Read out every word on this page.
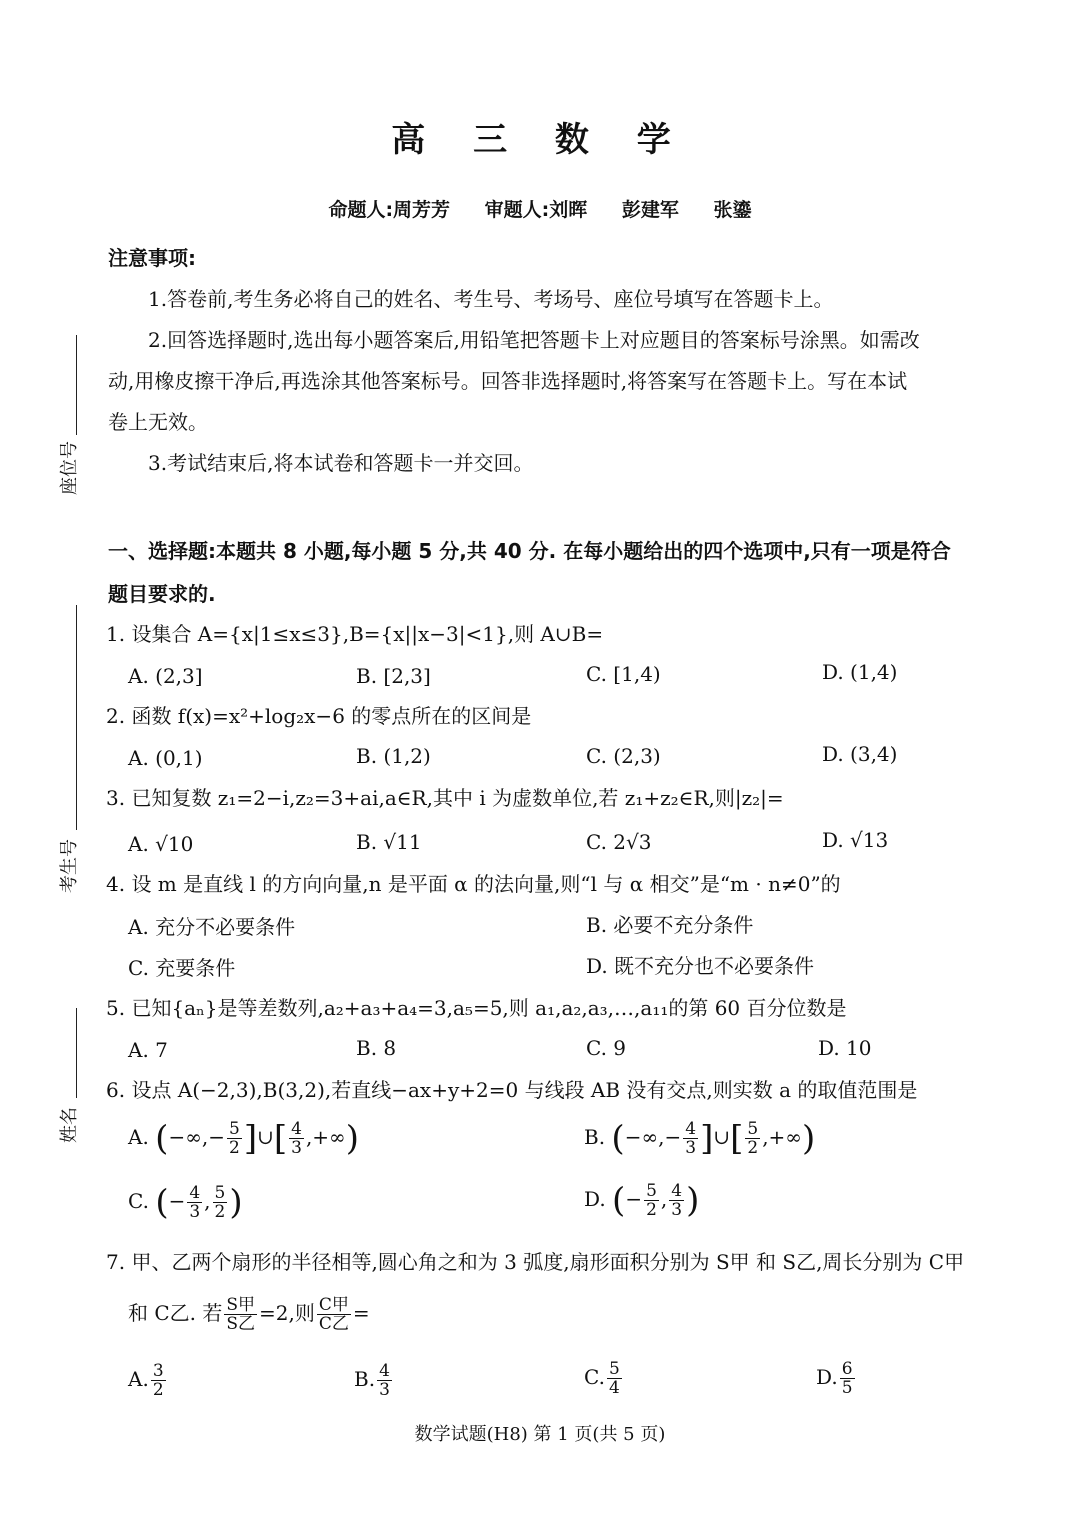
高 三 数 学
命题人:周芳芳 审题人:刘晖 彭建军 张鎏
座位号
考生号
姓名
注意事项:
1.答卷前,考生务必将自己的姓名、考生号、考场号、座位号填写在答题卡上。
2.回答选择题时,选出每小题答案后,用铅笔把答题卡上对应题目的答案标号涂黑。如需改
动,用橡皮擦干净后,再选涂其他答案标号。回答非选择题时,将答案写在答题卡上。写在本试
卷上无效。
3.考试结束后,将本试卷和答题卡一并交回。
一、选择题:本题共 8 小题,每小题 5 分,共 40 分. 在每小题给出的四个选项中,只有一项是符合
题目要求的.
1. 设集合 A={x|1≤x≤3},B={x||x−3|<1},则 A∪B=
A. (2,3]	B. [2,3]	C. [1,4)	D. (1,4)
2. 函数 f(x)=x²+log₂x−6 的零点所在的区间是
A. (0,1)	B. (1,2)	C. (2,3)	D. (3,4)
3. 已知复数 z₁=2−i,z₂=3+ai,a∈R,其中 i 为虚数单位,若 z₁+z₂∈R,则|z₂|=
A. √10	B. √11	C. 2√3	D. √13
4. 设 m 是直线 l 的方向向量,n 是平面 α 的法向量,则“l 与 α 相交”是“m · n≠0”的
A. 充分不必要条件	B. 必要不充分条件
C. 充要条件	D. 既不充分也不必要条件
5. 已知{aₙ}是等差数列,a₂+a₃+a₄=3,a₅=5,则 a₁,a₂,a₃,…,a₁₁的第 60 百分位数是
A. 7	B. 8	C. 9	D. 10
6. 设点 A(−2,3),B(3,2),若直线−ax+y+2=0 与线段 AB 没有交点,则实数 a 的取值范围是
A. (−∞,− $\frac{5}{2}$ ]∪[ $\frac{4}{3}$ ,+∞)	B. (−∞,− $\frac{4}{3}$ ]∪[ $\frac{5}{2}$ ,+∞)
C. (− $\frac{4}{3}$ , $\frac{5}{2}$ )	D. (− $\frac{5}{2}$ , $\frac{4}{3}$ )
7. 甲、乙两个扇形的半径相等,圆心角之和为 3 弧度,扇形面积分别为 S甲 和 S乙,周长分别为 C甲
和 C乙. 若 $\frac{\text{S甲}}{\text{S乙}} =2$,则 $\frac{\text{C甲}}{\text{C乙}}$ =
A. $\frac{3}{2}$	B. $\frac{4}{3}$	C. $\frac{5}{4}$	D. $\frac{6}{5}$
数学试题(H8) 第 1 页(共 5 页)
